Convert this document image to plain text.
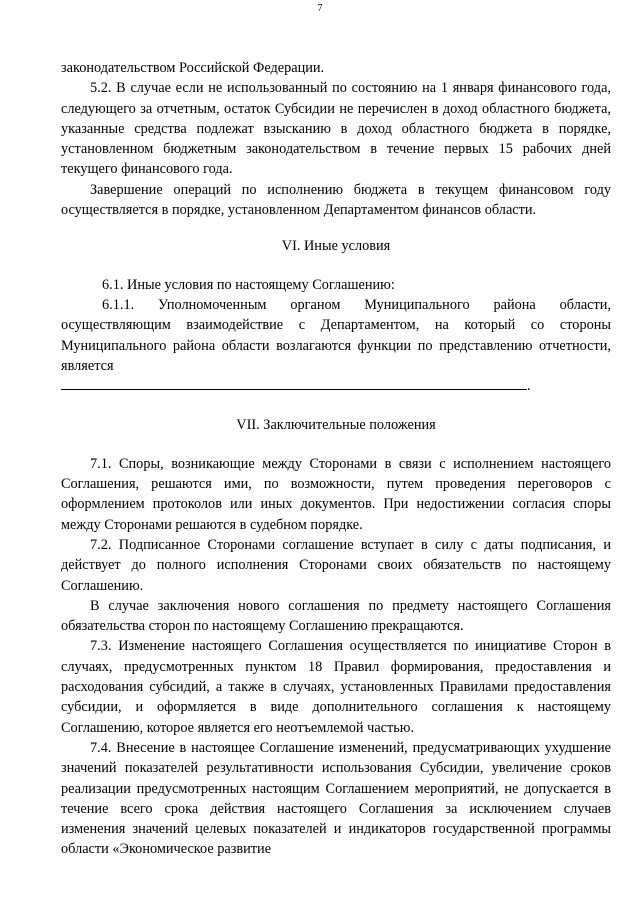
7

законодательством Российской Федерации.

5.2. В случае если не использованный по состоянию на 1 января финансового года, следующего за отчетным, остаток Субсидии не перечислен в доход областного бюджета, указанные средства подлежат взысканию в доход областного бюджета в порядке, установленном бюджетным законодательством в течение первых 15 рабочих дней текущего финансового года.

Завершение операций по исполнению бюджета в текущем финансовом году осуществляется в порядке, установленном Департаментом финансов области.

VI. Иные условия

6.1. Иные условия по настоящему Соглашению:

6.1.1. Уполномоченным органом Муниципального района области, осуществляющим взаимодействие с Департаментом, на который со стороны Муниципального района области возлагаются функции по представлению отчетности, является

.

VII. Заключительные положения

7.1. Споры, возникающие между Сторонами в связи с исполнением настоящего Соглашения, решаются ими, по возможности, путем проведения переговоров с оформлением протоколов или иных документов. При недостижении согласия споры между Сторонами решаются в судебном порядке.

7.2. Подписанное Сторонами соглашение вступает в силу с даты подписания, и действует до полного исполнения Сторонами своих обязательств по настоящему Соглашению.

В случае заключения нового соглашения по предмету настоящего Соглашения обязательства сторон по настоящему Соглашению прекращаются.

7.3. Изменение настоящего Соглашения осуществляется по инициативе Сторон в случаях, предусмотренных пунктом 18 Правил формирования, предоставления и расходования субсидий, а также в случаях, установленных Правилами предоставления субсидии, и оформляется в виде дополнительного соглашения к настоящему Соглашению, которое является его неотъемлемой частью.

7.4. Внесение в настоящее Соглашение изменений, предусматривающих ухудшение значений показателей результативности использования Субсидии, увеличение сроков реализации предусмотренных настоящим Соглашением мероприятий, не допускается в течение всего срока действия настоящего Соглашения за исключением случаев изменения значений целевых показателей и индикаторов государственной программы области «Экономическое развитие
